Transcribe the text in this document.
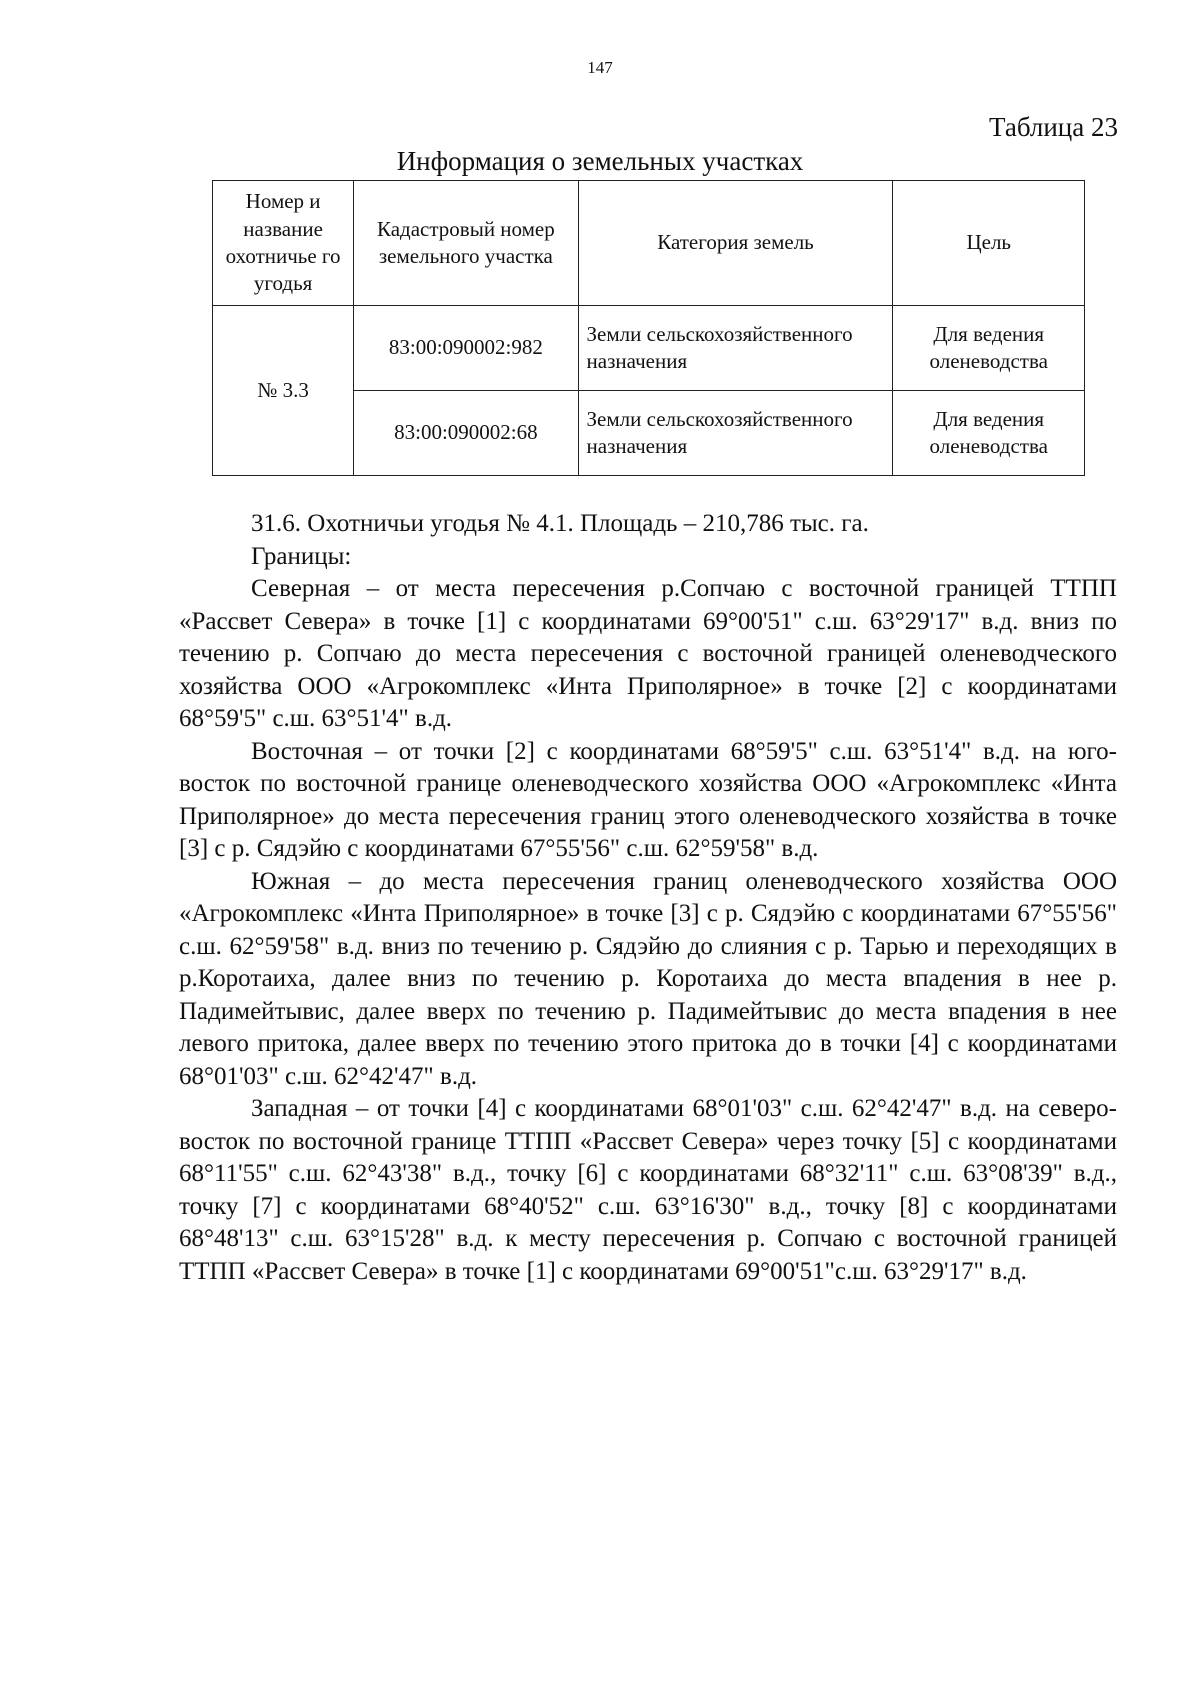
147
Таблица 23
Информация о земельных участках
Номер и название охотничье го угодья	Кадастровый номер земельного участка	Категория земель	Цель
№ 3.3	83:00:090002:982	Земли сельскохозяйственного назначения	Для ведения оленеводства
	83:00:090002:68	Земли сельскохозяйственного назначения	Для ведения оленеводства

31.6. Охотничьи угодья № 4.1. Площадь – 210,786 тыс. га.

Границы:

Северная – от места пересечения р.Сопчаю с восточной границей ТТПП «Рассвет Севера» в точке [1] с координатами 69°00'51" с.ш. 63°29'17" в.д. вниз по течению р. Сопчаю до места пересечения с восточной границей оленеводческого хозяйства ООО «Агрокомплекс «Инта Приполярное» в точке [2] с координатами 68°59'5" с.ш. 63°51'4" в.д.

Восточная – от точки [2] с координатами 68°59'5" с.ш. 63°51'4" в.д. на юго-восток по восточной границе оленеводческого хозяйства ООО «Агрокомплекс «Инта Приполярное» до места пересечения границ этого оленеводческого хозяйства в точке [3] с р. Сядэйю с координатами 67°55'56" с.ш. 62°59'58" в.д.

Южная – до места пересечения границ оленеводческого хозяйства ООО «Агрокомплекс «Инта Приполярное» в точке [3] с р. Сядэйю с координатами 67°55'56" с.ш. 62°59'58" в.д. вниз по течению р. Сядэйю до слияния с р. Тарью и переходящих в р.Коротаиха, далее вниз по течению р. Коротаиха до места впадения в нее р. Падимейтывис, далее вверх по течению р. Падимейтывис до места впадения в нее левого притока, далее вверх по течению этого притока до в точки [4] с координатами 68°01'03" с.ш. 62°42'47" в.д.

Западная – от точки [4] с координатами 68°01'03" с.ш. 62°42'47" в.д. на северо-восток по восточной границе ТТПП «Рассвет Севера» через точку [5] с координатами 68°11'55" с.ш. 62°43'38" в.д., точку [6] с координатами 68°32'11" с.ш. 63°08'39" в.д., точку [7] с координатами 68°40'52" с.ш. 63°16'30" в.д., точку [8] с координатами 68°48'13" с.ш. 63°15'28" в.д. к месту пересечения р. Сопчаю с восточной границей ТТПП «Рассвет Севера» в точке [1] с координатами 69°00'51"с.ш. 63°29'17" в.д.
